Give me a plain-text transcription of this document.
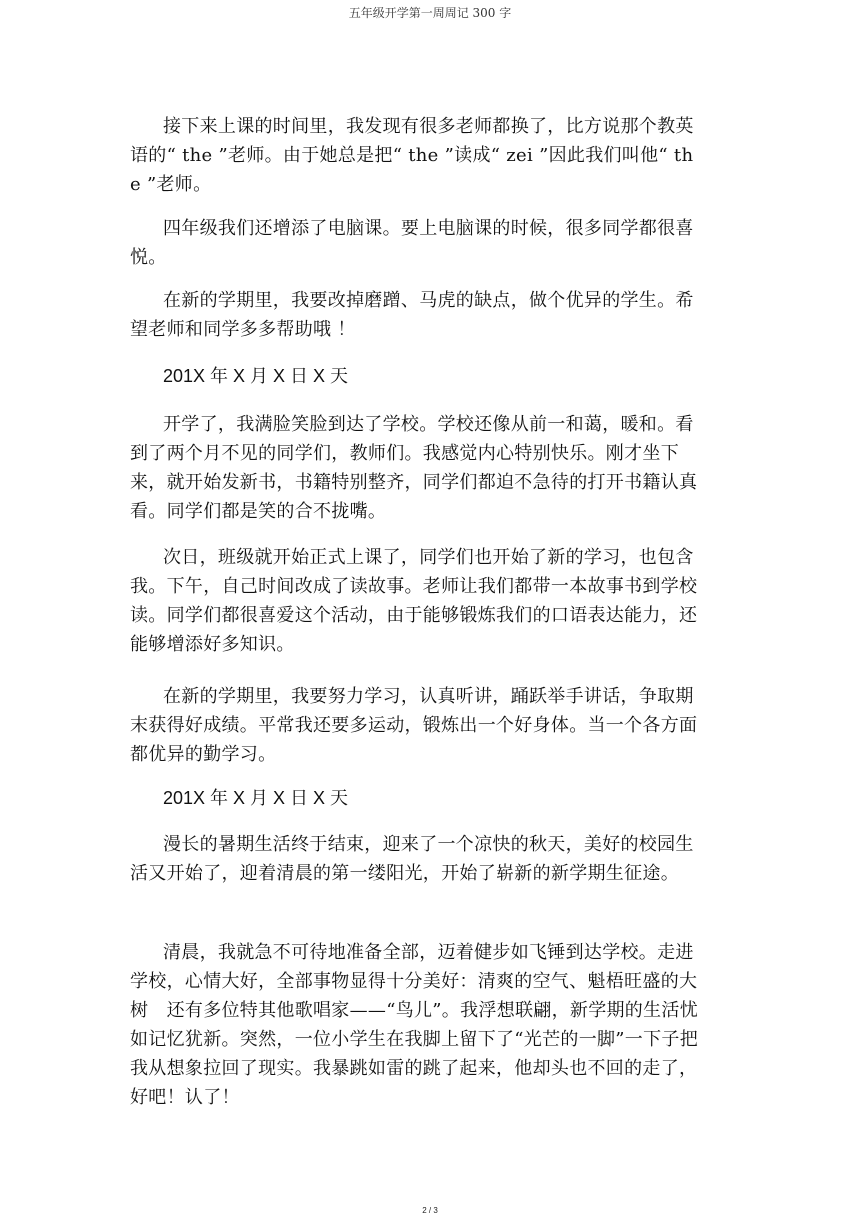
五年级开学第一周周记 300 字

接下来上课的时间里，我发现有很多老师都换了，比方说那个教英语的“ the ”老师。由于她总是把“ the ”读成“ zei ”因此我们叫他“ the ”老师。

四年级我们还增添了电脑课。要上电脑课的时候，很多同学都很喜悦。

在新的学期里，我要改掉磨蹭、马虎的缺点，做个优异的学生。希望老师和同学多多帮助哦 ！

201X 年 X 月 X 日 X 天

开学了，我满脸笑脸到达了学校。学校还像从前一和蔼，暖和。看到了两个月不见的同学们，教师们。我感觉内心特别快乐。刚才坐下来，就开始发新书，书籍特别整齐，同学们都迫不急待的打开书籍认真看。同学们都是笑的合不拢嘴。

次日，班级就开始正式上课了，同学们也开始了新的学习，也包含我。下午，自己时间改成了读故事。老师让我们都带一本故事书到学校读。同学们都很喜爱这个活动，由于能够锻炼我们的口语表达能力，还能够增添好多知识。

在新的学期里，我要努力学习，认真听讲，踊跃举手讲话，争取期末获得好成绩。平常我还要多运动，锻炼出一个好身体。当一个各方面都优异的勤学习。

201X 年 X 月 X 日 X 天

漫长的暑期生活终于结束，迎来了一个凉快的秋天，美好的校园生活又开始了，迎着清晨的第一缕阳光，开始了崭新的新学期生征途。

清晨，我就急不可待地准备全部，迈着健步如飞锤到达学校。走进学校，心情大好，全部事物显得十分美好：清爽的空气、魁梧旺盛的大树　还有多位特其他歌唱家——“鸟儿”。我浮想联翩，新学期的生活忧如记忆犹新。突然，一位小学生在我脚上留下了“光芒的一脚”一下子把我从想象拉回了现实。我暴跳如雷的跳了起来，他却头也不回的走了，好吧！认了！

2 / 3
